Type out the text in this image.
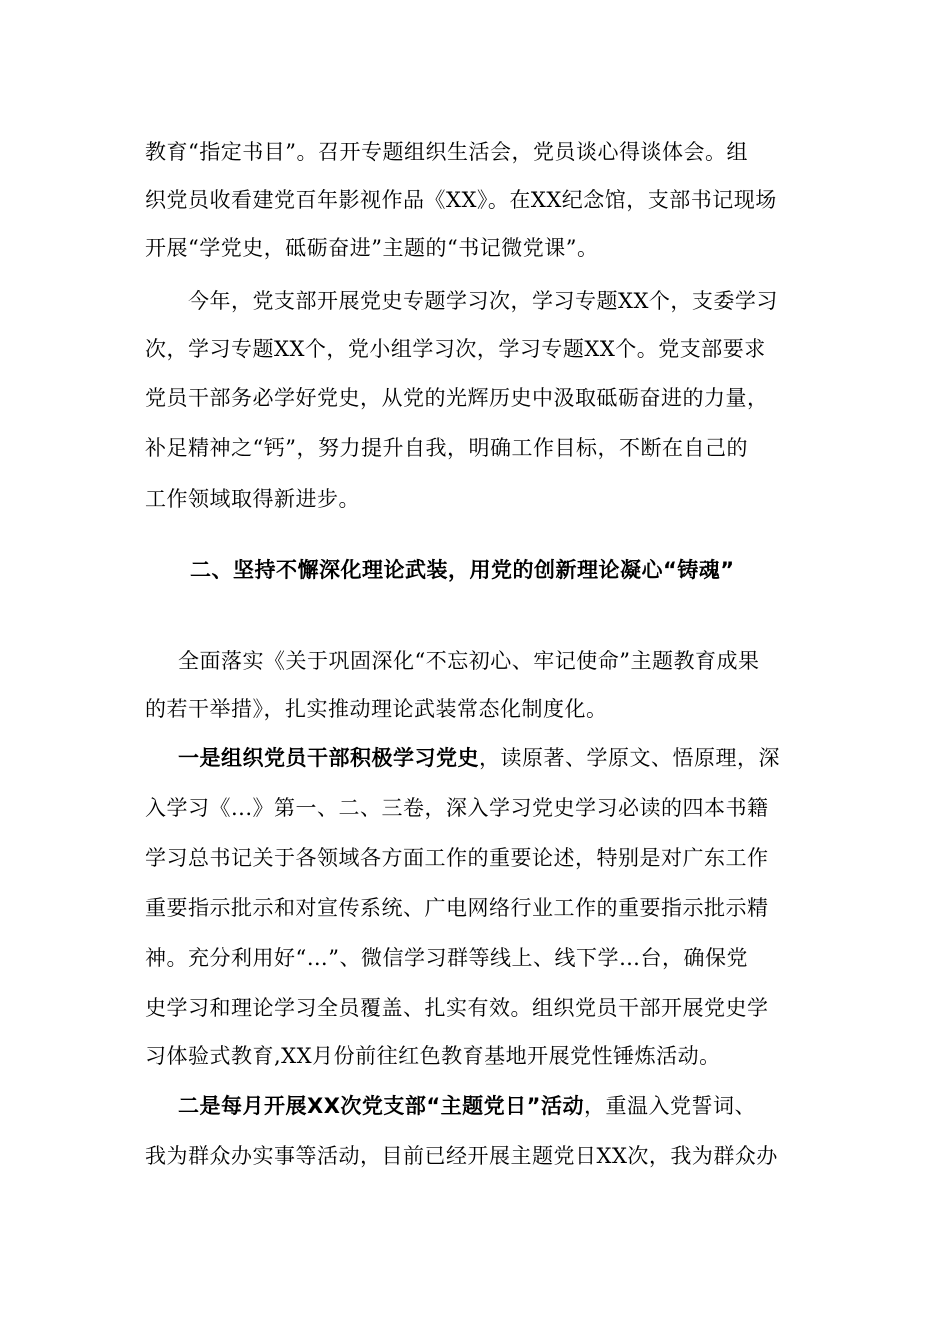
教育“指定书目”。召开专题组织生活会，党员谈心得谈体会。组
织党员收看建党百年影视作品《XX》。在XX纪念馆，支部书记现场
开展“学党史，砥砺奋进”主题的“书记微党课”。
今年，党支部开展党史专题学习次，学习专题XX个，支委学习
次，学习专题XX个，党小组学习次，学习专题XX个。党支部要求
党员干部务必学好党史，从党的光辉历史中汲取砥砺奋进的力量，
补足精神之“钙”，努力提升自我，明确工作目标，不断在自己的
工作领域取得新进步。
二、坚持不懈深化理论武装，用党的创新理论凝心“铸魂”
全面落实《关于巩固深化“不忘初心、牢记使命”主题教育成果
的若干举措》，扎实推动理论武装常态化制度化。
一是组织党员干部积极学习党史，读原著、学原文、悟原理，深
入学习《...》第一、二、三卷，深入学习党史学习必读的四本书籍
学习总书记关于各领域各方面工作的重要论述，特别是对广东工作
重要指示批示和对宣传系统、广电网络行业工作的重要指示批示精
神。充分利用好“…”、微信学习群等线上、线下学…台，确保党
史学习和理论学习全员覆盖、扎实有效。组织党员干部开展党史学
习体验式教育,XX月份前往红色教育基地开展党性锤炼活动。
二是每月开展XX次党支部“主题党日”活动，重温入党誓词、
我为群众办实事等活动，目前已经开展主题党日XX次，我为群众办
